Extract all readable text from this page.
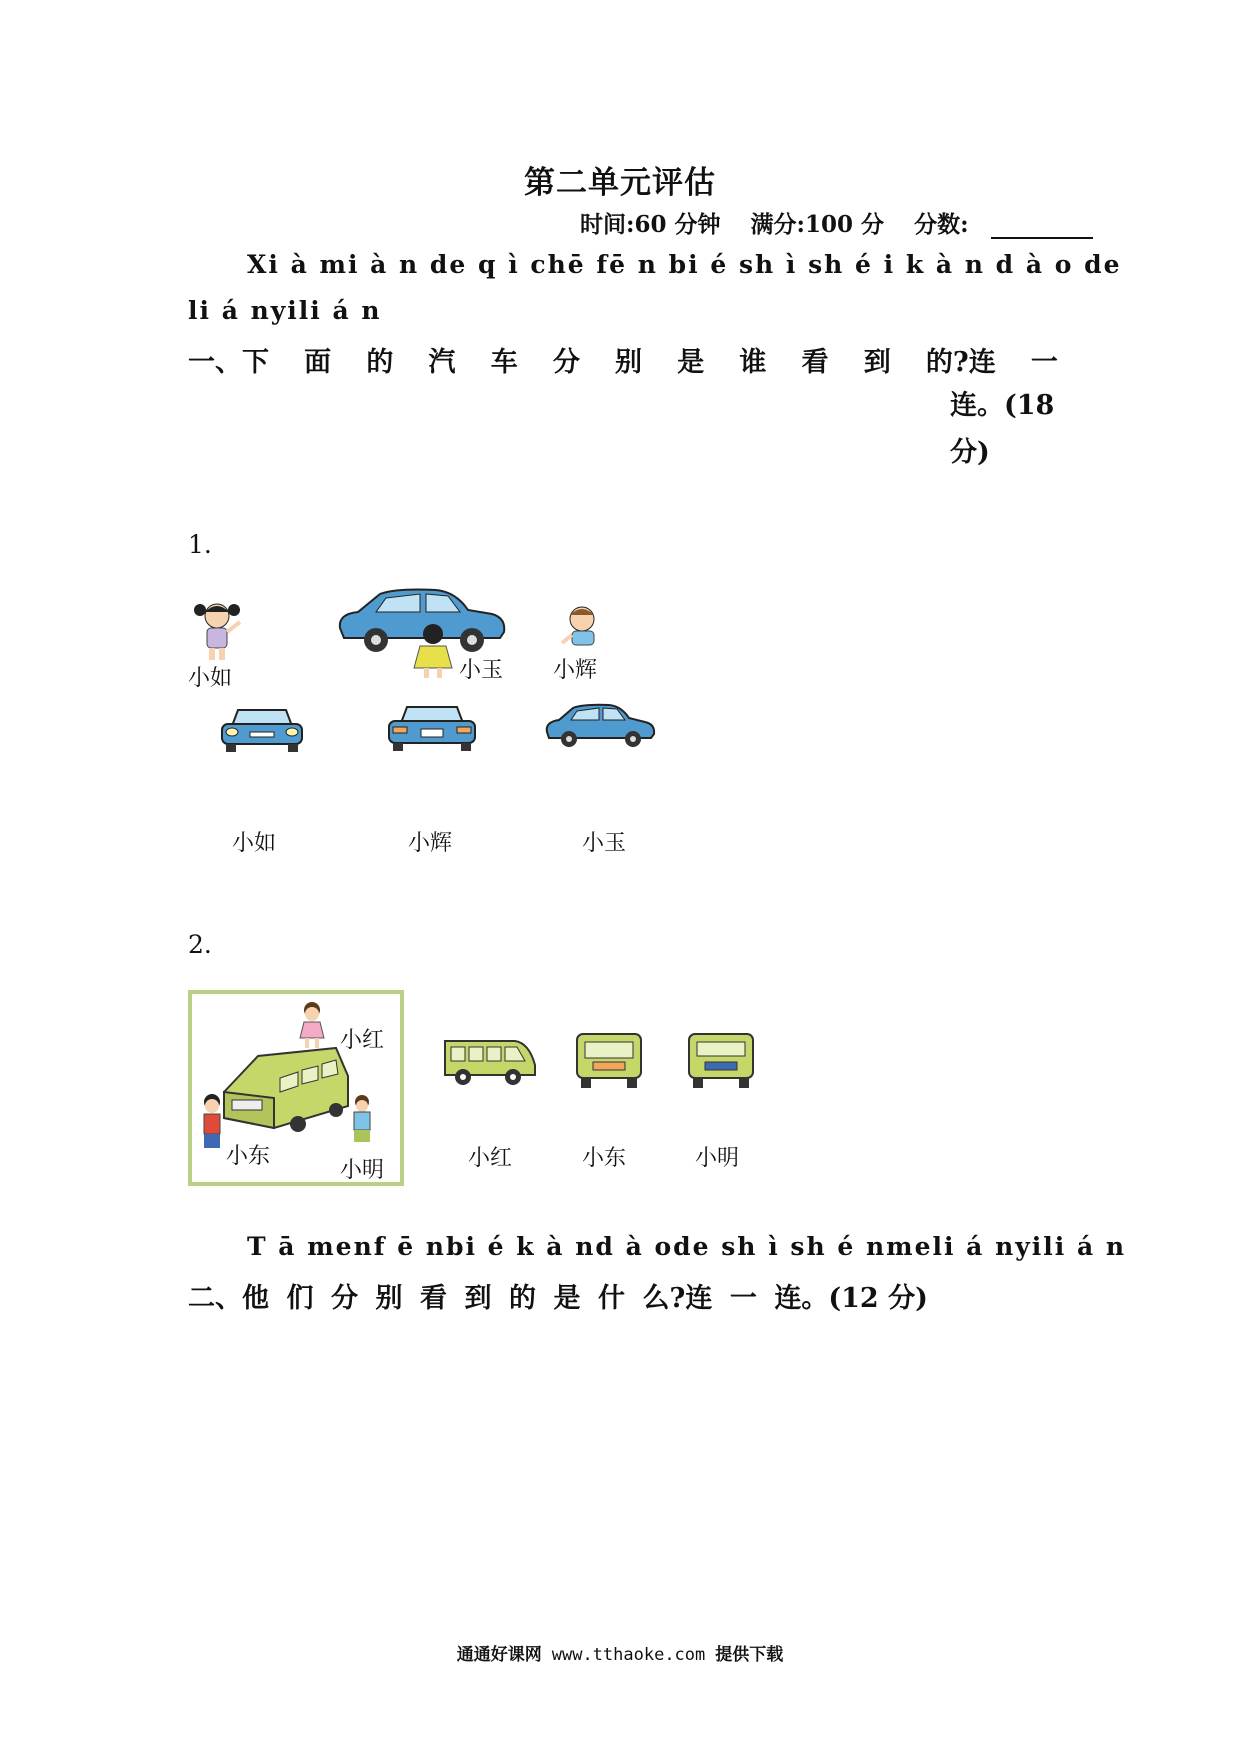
第二单元评估
时间:60 分钟 满分:100 分 分数:
Xi à mi à n de q ì chē fē n bi é sh ì sh é i k à n d à o de
li á nyili á n
一、下 面 的 汽 车 分 别 是 谁 看 到 的?连 一
连。(18
分)
1.
小如	小玉 小辉
小如	小辉	小玉
2.
小红
小东
小明	小红	小东	小明
T ā menf ē nbi é k à nd à ode sh ì sh é nmeli á nyili á n
二、他 们 分 别 看 到 的 是 什 么?连 一 连。(12 分)
通通好课网 www.tthaoke.com 提供下载
